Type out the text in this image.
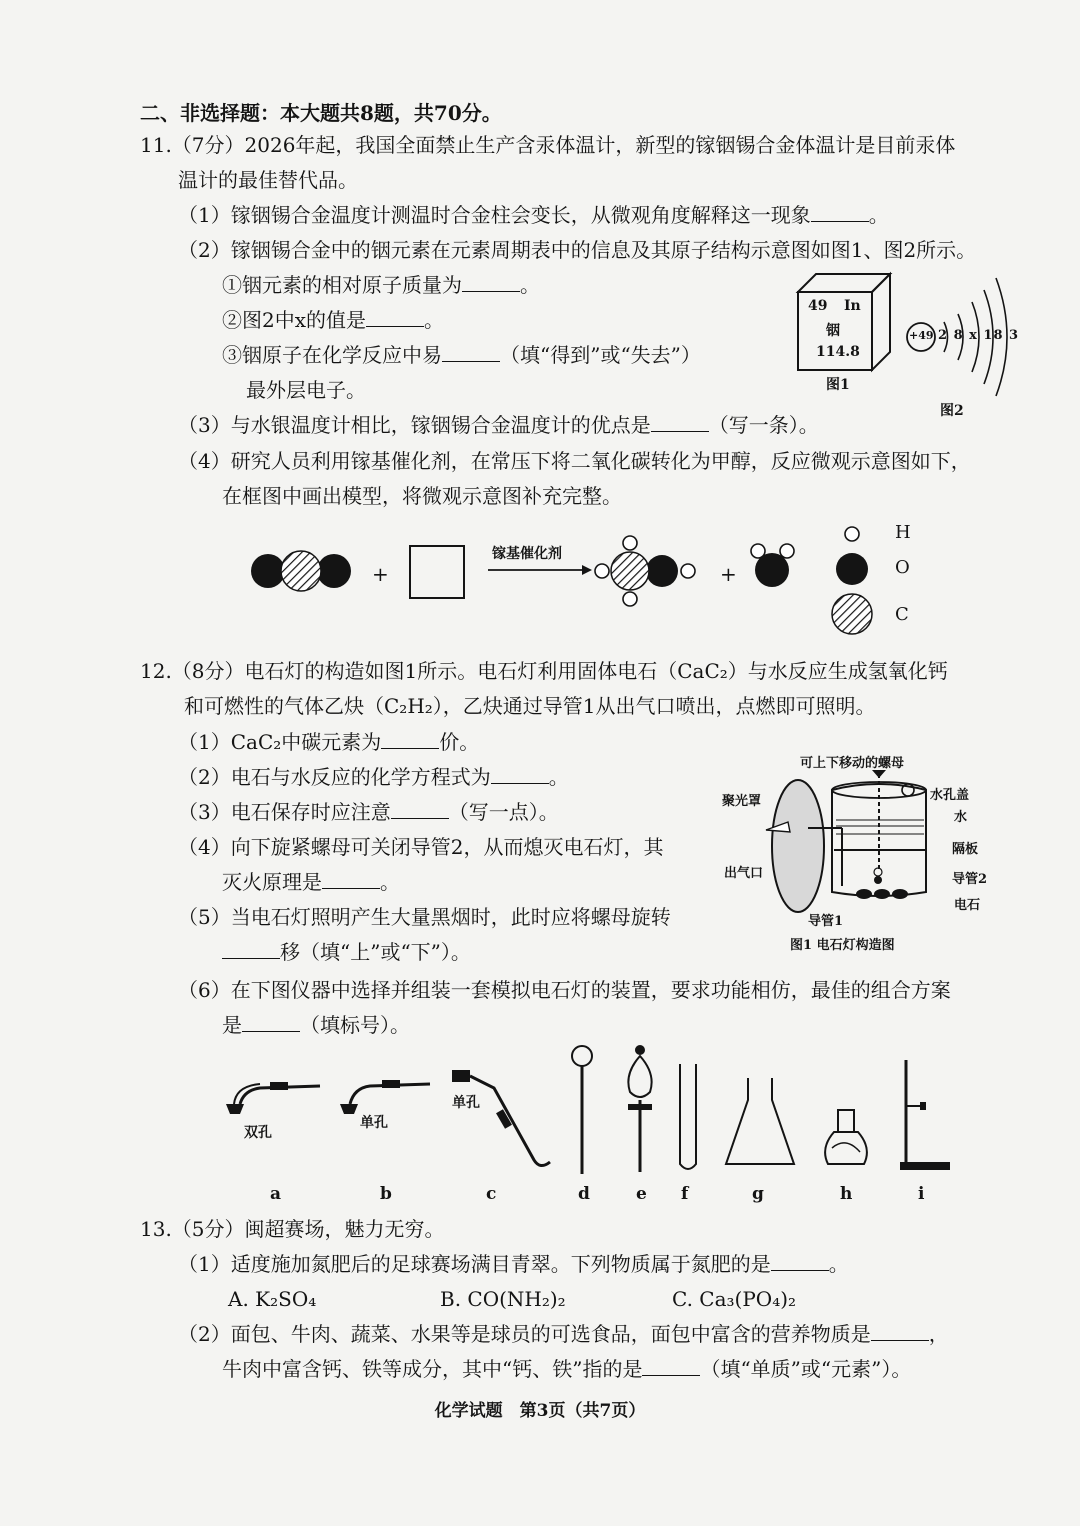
二、非选择题：本大题共8题，共70分。
11.（7分）2026年起，我国全面禁止生产含汞体温计，新型的镓铟锡合金体温计是目前汞体
温计的最佳替代品。
（1）镓铟锡合金温度计测温时合金柱会变长，从微观角度解释这一现象	。
（2）镓铟锡合金中的铟元素在元素周期表中的信息及其原子结构示意图如图1、图2所示。
①铟元素的相对原子质量为	。
②图2中x的值是	。
③铟原子在化学反应中易	（填“得到”或“失去”）
最外层电子。
49 In
铟
114.8
图1
+49 2 8 x 18 3
图2
（3）与水银温度计相比，镓铟锡合金温度计的优点是	（写一条）。
（4）研究人员利用镓基催化剂，在常压下将二氧化碳转化为甲醇，反应微观示意图如下，
在框图中画出模型，将微观示意图补充完整。
+	+
镓基催化剂
H
O
C
12.（8分）电石灯的构造如图1所示。电石灯利用固体电石（CaC₂）与水反应生成氢氧化钙
和可燃性的气体乙炔（C₂H₂），乙炔通过导管1从出气口喷出，点燃即可照明。
（1）CaC₂中碳元素为	价。
（2）电石与水反应的化学方程式为	。
（3）电石保存时应注意	（写一点）。
（4）向下旋紧螺母可关闭导管2，从而熄灭电石灯，其
灭火原理是	。
（5）当电石灯照明产生大量黑烟时，此时应将螺母旋转
移（填“上”或“下”）。
可上下移动的螺母
聚光罩	水孔盖
水
隔板
导管2
电石
出气口
导管1
图1 电石灯构造图
（6）在下图仪器中选择并组装一套模拟电石灯的装置，要求功能相仿，最佳的组合方案
是	（填标号）。
双孔
单孔
单孔
a	b	c	d	e f	g	h	i
13.（5分）闽超赛场，魅力无穷。
（1）适度施加氮肥后的足球赛场满目青翠。下列物质属于氮肥的是	。
A. K₂SO₄	B. CO(NH₂)₂	C. Ca₃(PO₄)₂
（2）面包、牛肉、蔬菜、水果等是球员的可选食品，面包中富含的营养物质是	，
牛肉中富含钙、铁等成分，其中“钙、铁”指的是	（填“单质”或“元素”）。
化学试题　第3页（共7页）
